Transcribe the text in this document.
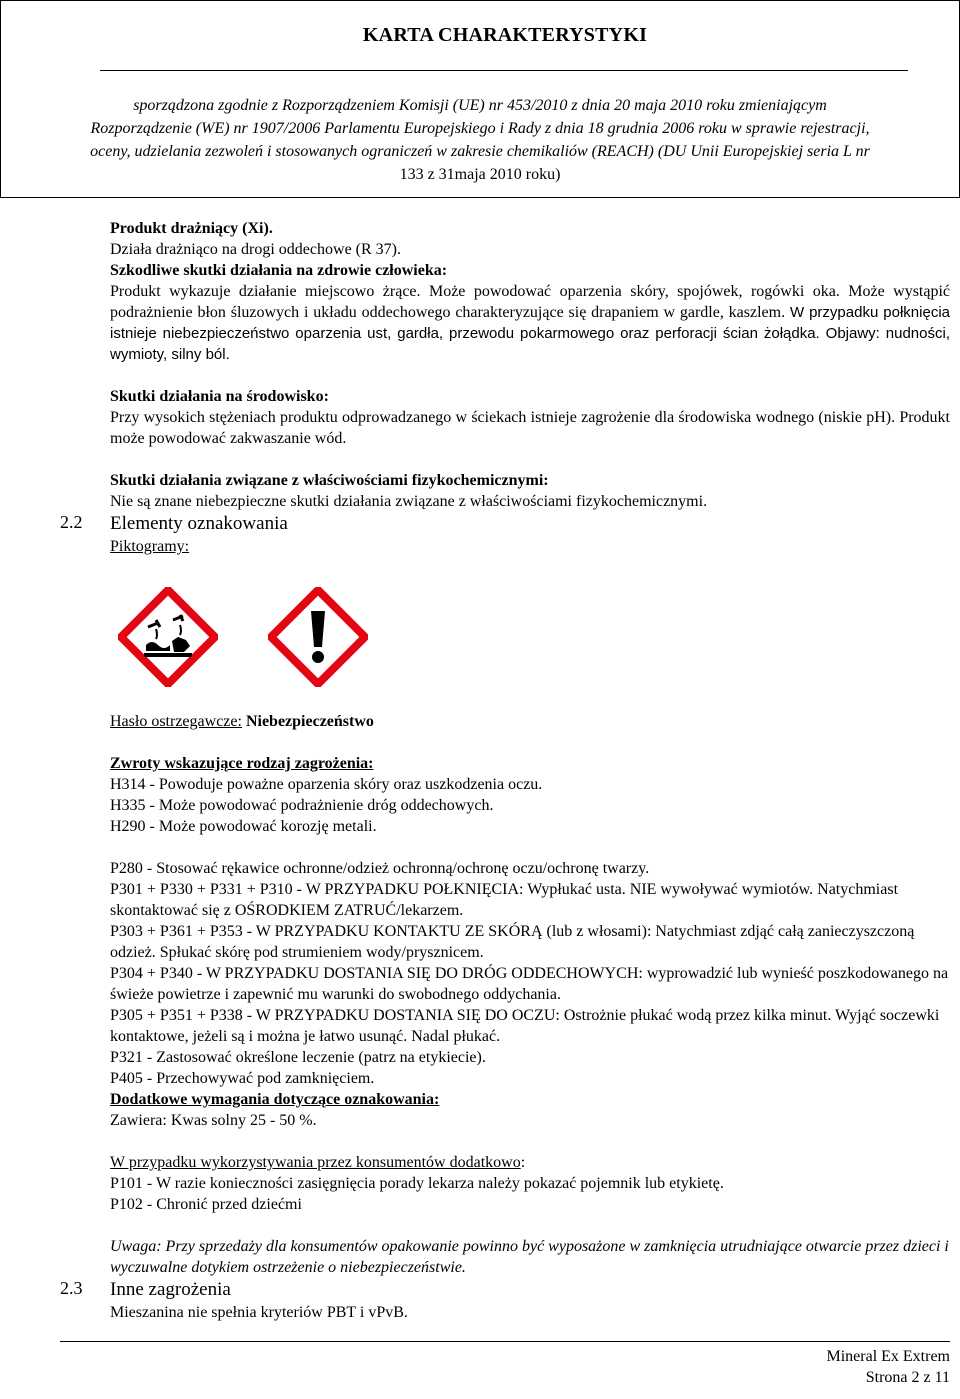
KARTA CHARAKTERYSTYKI
sporządzona zgodnie z Rozporządzeniem Komisji (UE) nr 453/2010 z dnia 20 maja 2010 roku zmieniającym
Rozporządzenie (WE) nr 1907/2006 Parlamentu Europejskiego i Rady z dnia 18 grudnia 2006 roku w sprawie rejestracji,
oceny, udzielania zezwoleń i stosowanych ograniczeń w zakresie chemikaliów (REACH) (DU Unii Europejskiej seria L nr
133 z 31maja 2010 roku)

Produkt drażniący (Xi).

Działa drażniąco na drogi oddechowe (R 37).

Szkodliwe skutki działania na zdrowie człowieka:

Produkt wykazuje działanie miejscowo żrące. Może powodować oparzenia skóry, spojówek, rogówki oka. Może wystąpić podrażnienie błon śluzowych i układu oddechowego charakteryzujące się drapaniem w gardle, kaszlem. W przypadku połknięcia istnieje niebezpieczeństwo oparzenia ust, gardła, przewodu pokarmowego oraz perforacji ścian żołądka. Objawy: nudności, wymioty, silny ból.

Skutki działania na środowisko:

Przy wysokich stężeniach produktu odprowadzanego w ściekach istnieje zagrożenie dla środowiska wodnego (niskie pH). Produkt może powodować zakwaszanie wód.

Skutki działania związane z właściwościami fizykochemicznymi:

Nie są znane niebezpieczne skutki działania związane z właściwościami fizykochemicznymi.

2.2 Elementy oznakowania

Piktogramy:

Hasło ostrzegawcze: Niebezpieczeństwo

Zwroty wskazujące rodzaj zagrożenia:

H314 - Powoduje poważne oparzenia skóry oraz uszkodzenia oczu.

H335 - Może powodować podrażnienie dróg oddechowych.

H290 - Może powodować korozję metali.

P280 - Stosować rękawice ochronne/odzież ochronną/ochronę oczu/ochronę twarzy.

P301 + P330 + P331 + P310 - W PRZYPADKU POŁKNIĘCIA: Wypłukać usta. NIE wywoływać wymiotów. Natychmiast skontaktować się z OŚRODKIEM ZATRUĆ/lekarzem.

P303 + P361 + P353 - W PRZYPADKU KONTAKTU ZE SKÓRĄ (lub z włosami): Natychmiast zdjąć całą zanieczyszczoną odzież. Spłukać skórę pod strumieniem wody/prysznicem.

P304 + P340 - W PRZYPADKU DOSTANIA SIĘ DO DRÓG ODDECHOWYCH: wyprowadzić lub wynieść poszkodowanego na świeże powietrze i zapewnić mu warunki do swobodnego oddychania.

P305 + P351 + P338 - W PRZYPADKU DOSTANIA SIĘ DO OCZU: Ostrożnie płukać wodą przez kilka minut. Wyjąć soczewki kontaktowe, jeżeli są i można je łatwo usunąć. Nadal płukać.

P321 - Zastosować określone leczenie (patrz na etykiecie).

P405 - Przechowywać pod zamknięciem.

Dodatkowe wymagania dotyczące oznakowania:

Zawiera: Kwas solny 25 - 50 %.

W przypadku wykorzystywania przez konsumentów dodatkowo:

P101 - W razie konieczności zasięgnięcia porady lekarza należy pokazać pojemnik lub etykietę.

P102 - Chronić przed dziećmi

Uwaga: Przy sprzedaży dla konsumentów opakowanie powinno być wyposażone w zamknięcia utrudniające otwarcie przez dzieci i wyczuwalne dotykiem ostrzeżenie o niebezpieczeństwie.

2.3 Inne zagrożenia

Mieszanina nie spełnia kryteriów PBT i vPvB.

Mineral Ex Extrem
Strona 2 z 11
